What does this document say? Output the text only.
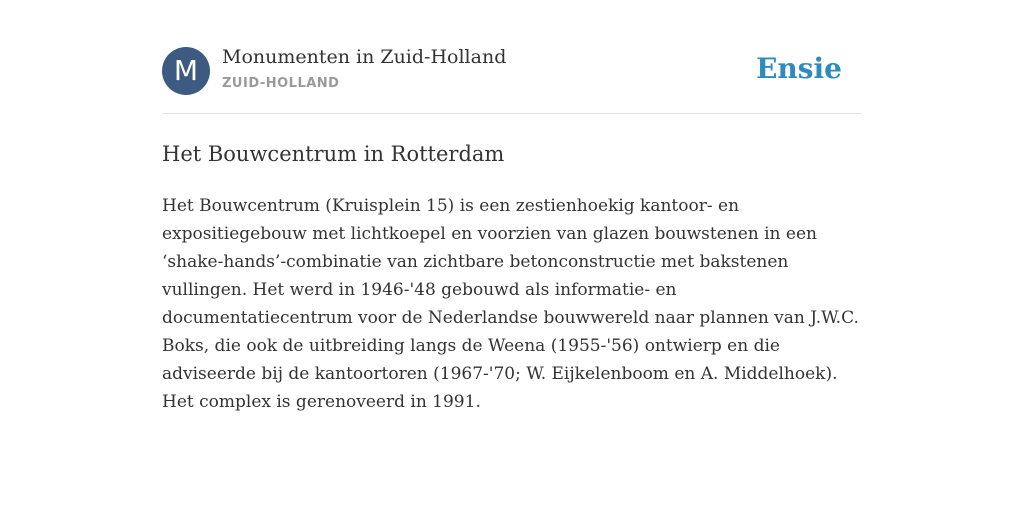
M	Monumenten in Zuid-Holland
ZUID-HOLLAND	Ensie
Het Bouwcentrum in Rotterdam

Het Bouwcentrum (Kruisplein 15) is een zestienhoekig kantoor- en expositiegebouw met lichtkoepel en voorzien van glazen bouwstenen in een ‘shake-hands’-combinatie van zichtbare betonconstructie met bakstenen vullingen. Het werd in 1946-'48 gebouwd als informatie- en documentatiecentrum voor de Nederlandse bouwwereld naar plannen van J.W.C. Boks, die ook de uitbreiding langs de Weena (1955-'56) ontwierp en die adviseerde bij de kantoortoren (1967-'70; W. Eijkelenboom en A. Middelhoek). Het complex is gerenoveerd in 1991.
